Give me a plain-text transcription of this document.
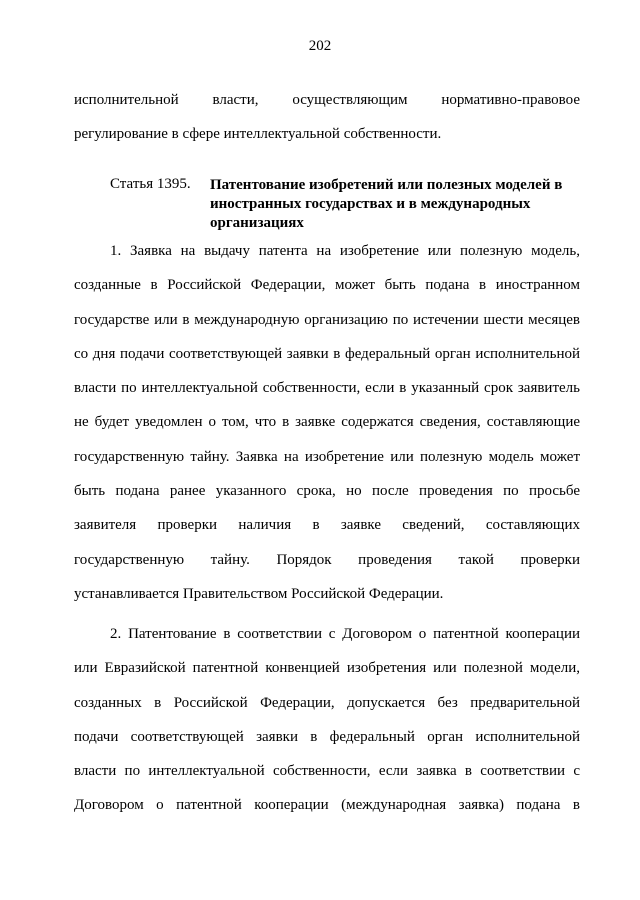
202
исполнительной власти, осуществляющим нормативно-правовое
регулирование в сфере интеллектуальной собственности.
Статья 1395. Патентование изобретений или полезных моделей в
иностранных государствах и в международных
организациях
1. Заявка на выдачу патента на изобретение или полезную модель,
созданные в Российской Федерации, может быть подана в иностранном
государстве или в международную организацию по истечении шести месяцев
со дня подачи соответствующей заявки в федеральный орган исполнительной
власти по интеллектуальной собственности, если в указанный срок заявитель
не будет уведомлен о том, что в заявке содержатся сведения, составляющие
государственную тайну. Заявка на изобретение или полезную модель может
быть подана ранее указанного срока, но после проведения по просьбе
заявителя проверки наличия в заявке сведений, составляющих
государственную тайну. Порядок проведения такой проверки
устанавливается Правительством Российской Федерации.
2. Патентование в соответствии с Договором о патентной кооперации
или Евразийской патентной конвенцией изобретения или полезной модели,
созданных в Российской Федерации, допускается без предварительной
подачи соответствующей заявки в федеральный орган исполнительной
власти по интеллектуальной собственности, если заявка в соответствии с
Договором о патентной кооперации (международная заявка) подана в
